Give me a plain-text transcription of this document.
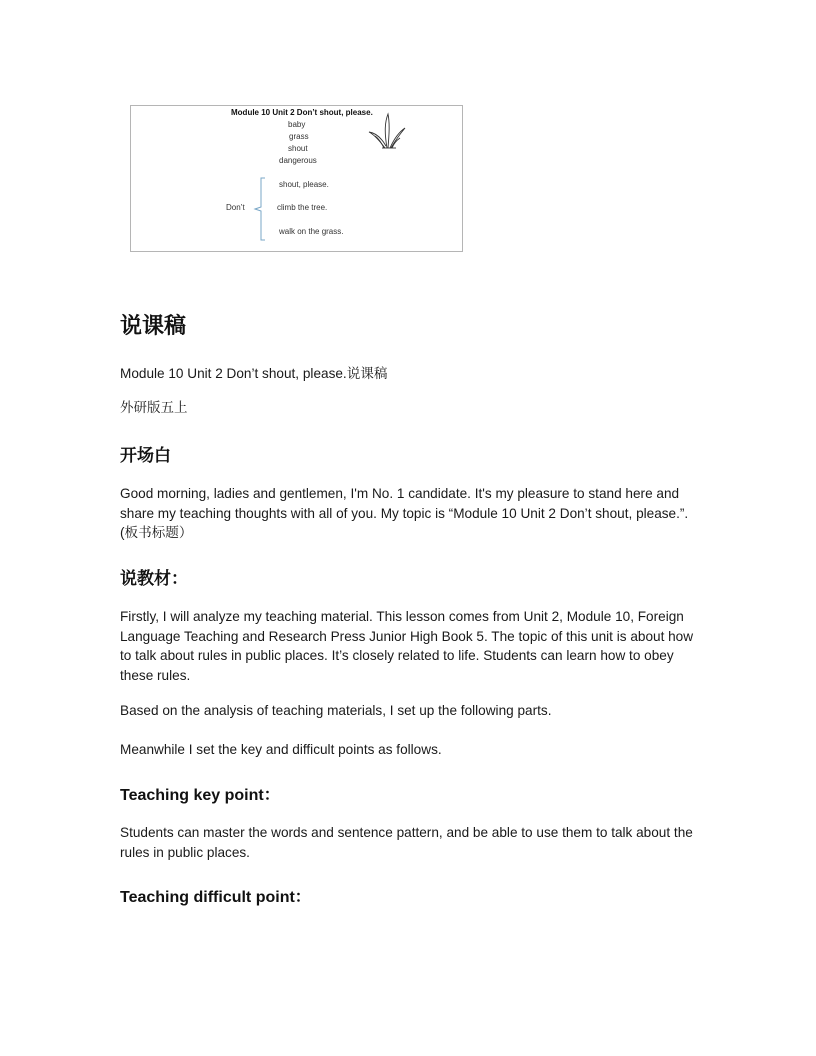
Module 10 Unit 2 Don’t shout, please.
baby
grass
shout
dangerous
Don’t
shout, please.
climb the tree.
walk on the grass.
说课稿

Module 10 Unit 2 Don’t shout, please.说课稿

外研版五上

开场白

Good morning, ladies and gentlemen, I'm No. 1 candidate. It's my pleasure to stand here and share my teaching thoughts with all of you. My topic is “Module 10 Unit 2 Don’t shout, please.”. (板书标题）

说教材：

Firstly, I will analyze my teaching material. This lesson comes from Unit 2, Module 10, Foreign Language Teaching and Research Press Junior High Book 5. The topic of this unit is about how to talk about rules in public places. It’s closely related to life. Students can learn how to obey these rules.

Based on the analysis of teaching materials, I set up the following parts.

Meanwhile I set the key and difficult points as follows.

Teaching key point：

Students can master the words and sentence pattern, and be able to use them to talk about the rules in public places.

Teaching difficult point：
